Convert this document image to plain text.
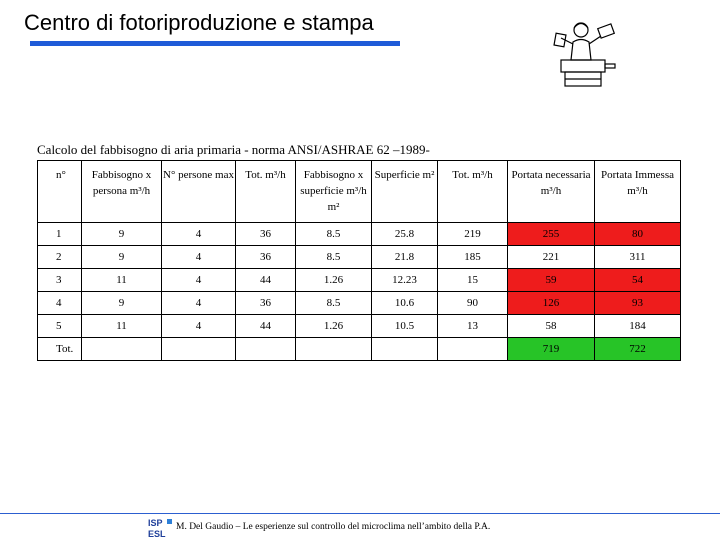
Centro di fotoriproduzione e stampa
Calcolo del fabbisogno di aria primaria - norma ANSI/ASHRAE 62 –1989-
n°	Fabbisogno x persona m³/h	N° persone max	Tot. m³/h	Fabbisogno x superficie m³/h m²	Superficie m²	Tot. m³/h	Portata necessaria m³/h	Portata Immessa m³/h
1	9	4	36	8.5	25.8	219	255	80
2	9	4	36	8.5	21.8	185	221	311
3	11	4	44	1.26	12.23	15	59	54
4	9	4	36	8.5	10.6	90	126	93
5	11	4	44	1.26	10.5	13	58	184
Tot.							719	722
ISP
ESL
M. Del Gaudio – Le esperienze sul controllo del microclima nell’ambito della P.A.
